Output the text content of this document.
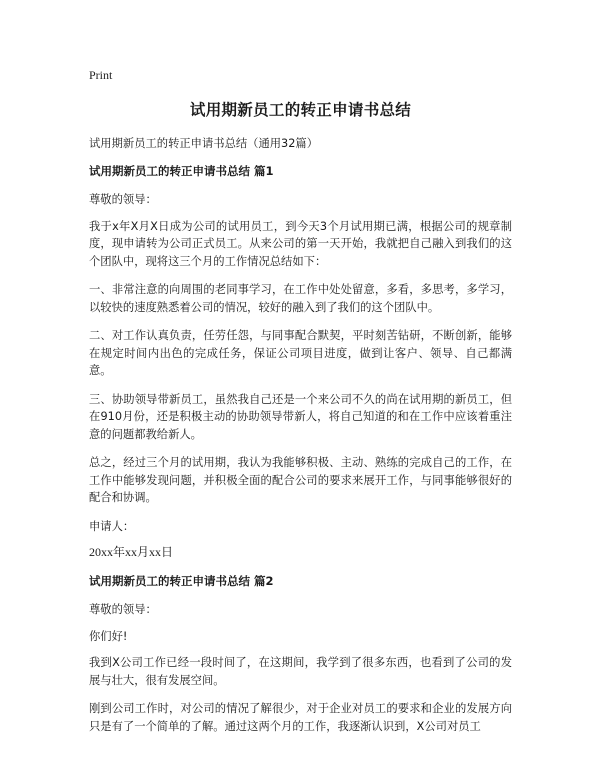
Print
试用期新员工的转正申请书总结
试用期新员工的转正申请书总结（通用32篇）
试用期新员工的转正申请书总结 篇1
尊敬的领导：
我于x年X月X日成为公司的试用员工，到今天3个月试用期已满，根据公司的规章制度，现申请转为公司正式员工。从来公司的第一天开始，我就把自己融入到我们的这个团队中，现将这三个月的工作情况总结如下：
一、非常注意的向周围的老同事学习，在工作中处处留意，多看，多思考，多学习，以较快的速度熟悉着公司的情况，较好的融入到了我们的这个团队中。
二、对工作认真负责，任劳任怨，与同事配合默契，平时刻苦钻研，不断创新，能够在规定时间内出色的完成任务，保证公司项目进度，做到让客户、领导、自己都满意。
三、协助领导带新员工，虽然我自己还是一个来公司不久的尚在试用期的新员工，但在910月份，还是积极主动的协助领导带新人，将自己知道的和在工作中应该着重注意的问题都教给新人。
总之，经过三个月的试用期，我认为我能够积极、主动、熟练的完成自己的工作，在工作中能够发现问题，并积极全面的配合公司的要求来展开工作，与同事能够很好的配合和协调。
申请人：
20xx年xx月xx日
试用期新员工的转正申请书总结 篇2
尊敬的领导：
你们好!
我到X公司工作已经一段时间了，在这期间，我学到了很多东西，也看到了公司的发展与壮大，很有发展空间。
刚到公司工作时，对公司的情况了解很少，对于企业对员工的要求和企业的发展方向只是有了一个简单的了解。通过这两个月的工作，我逐渐认识到，X公司对员工
